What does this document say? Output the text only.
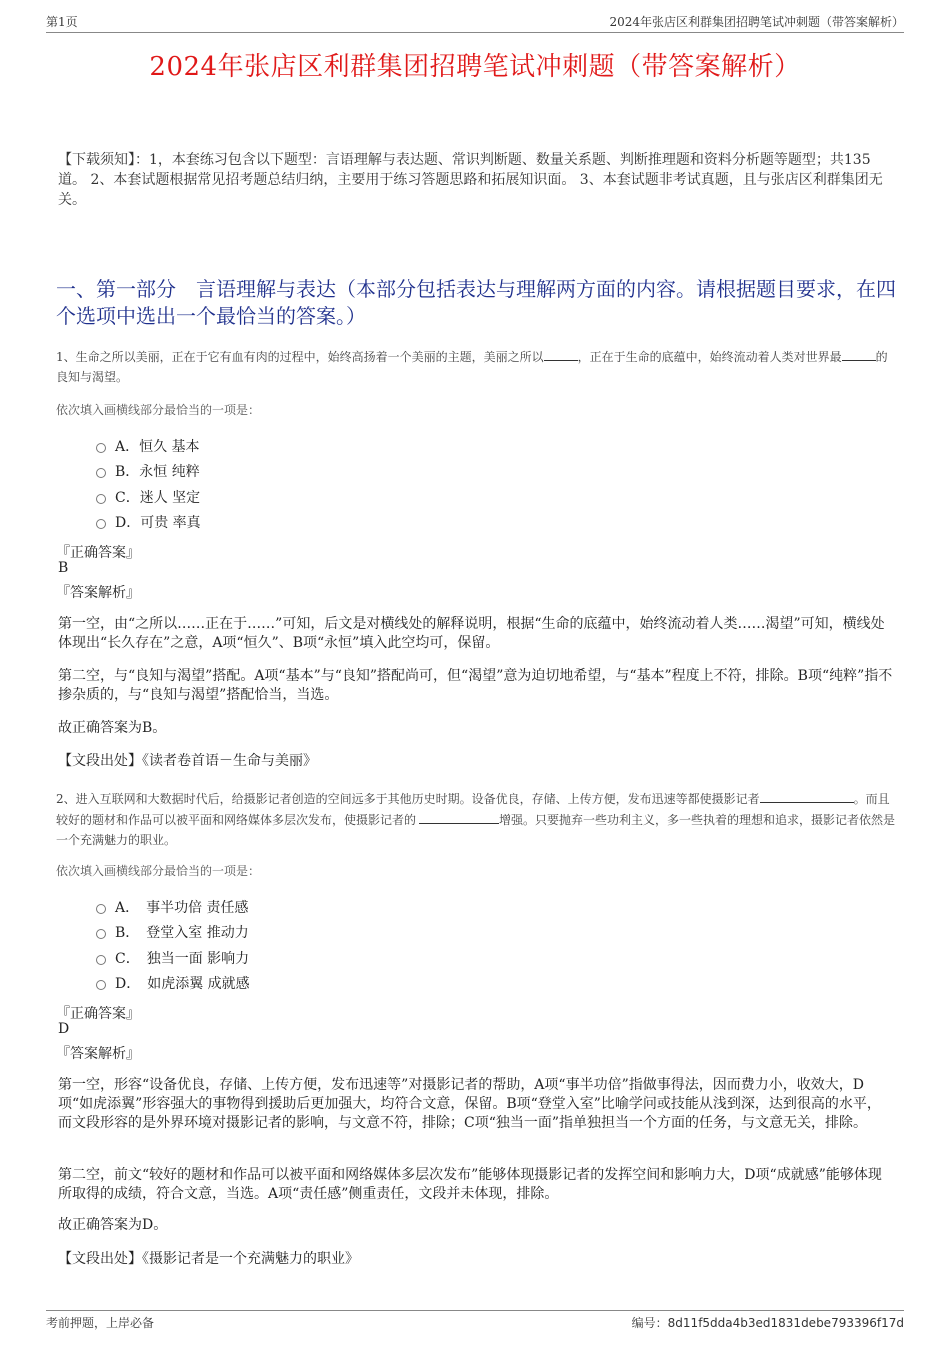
第1页	2024年张店区利群集团招聘笔试冲刺题（带答案解析）
2024年张店区利群集团招聘笔试冲刺题（带答案解析）
【下载须知】：1，本套练习包含以下题型：言语理解与表达题、常识判断题、数量关系题、判断推理题和资料分析题等题型；共135道。 2、本套试题根据常见招考题总结归纳，主要用于练习答题思路和拓展知识面。 3、本套试题非考试真题，且与张店区利群集团无关。
一、第一部分　言语理解与表达（本部分包括表达与理解两方面的内容。请根据题目要求，在四个选项中选出一个最恰当的答案。）
1、生命之所以美丽，正在于它有血有肉的过程中，始终高扬着一个美丽的主题，美丽之所以	，正在于生命的底蕴中，始终流动着人类对世界最	的良知与渴望。
依次填入画横线部分最恰当的一项是：
A．恒久 基本
B．永恒 纯粹
C．迷人 坚定
D．可贵 率真
『正确答案』
B
『答案解析』
第一空，由“之所以……正在于……”可知，后文是对横线处的解释说明，根据“生命的底蕴中，始终流动着人类……渴望”可知，横线处体现出“长久存在”之意，A项“恒久”、B项“永恒”填入此空均可，保留。
第二空，与“良知与渴望”搭配。A项“基本”与“良知”搭配尚可，但“渴望”意为迫切地希望，与“基本”程度上不符，排除。B项“纯粹”指不掺杂质的，与“良知与渴望”搭配恰当，当选。
故正确答案为B。
【文段出处】《读者卷首语－生命与美丽》
2、进入互联网和大数据时代后，给摄影记者创造的空间远多于其他历史时期。设备优良，存储、上传方便，发布迅速等都使摄影记者	。而且较好的题材和作品可以被平面和网络媒体多层次发布，使摄影记者的	增强。只要抛弃一些功利主义，多一些执着的理想和追求，摄影记者依然是一个充满魅力的职业。
依次填入画横线部分最恰当的一项是：
A．　事半功倍 责任感
B．　登堂入室 推动力
C．　独当一面 影响力
D．　如虎添翼 成就感
『正确答案』
D
『答案解析』
第一空，形容“设备优良，存储、上传方便，发布迅速等”对摄影记者的帮助，A项“事半功倍”指做事得法，因而费力小，收效大，D项“如虎添翼”形容强大的事物得到援助后更加强大，均符合文意，保留。B项“登堂入室”比喻学问或技能从浅到深，达到很高的水平，而文段形容的是外界环境对摄影记者的影响，与文意不符，排除；C项“独当一面”指单独担当一个方面的任务，与文意无关，排除。
第二空，前文“较好的题材和作品可以被平面和网络媒体多层次发布”能够体现摄影记者的发挥空间和影响力大，D项“成就感”能够体现所取得的成绩，符合文意，当选。A项“责任感”侧重责任，文段并未体现，排除。
故正确答案为D。
【文段出处】《摄影记者是一个充满魅力的职业》
考前押题，上岸必备	编号：8d11f5dda4b3ed1831debe793396f17d
